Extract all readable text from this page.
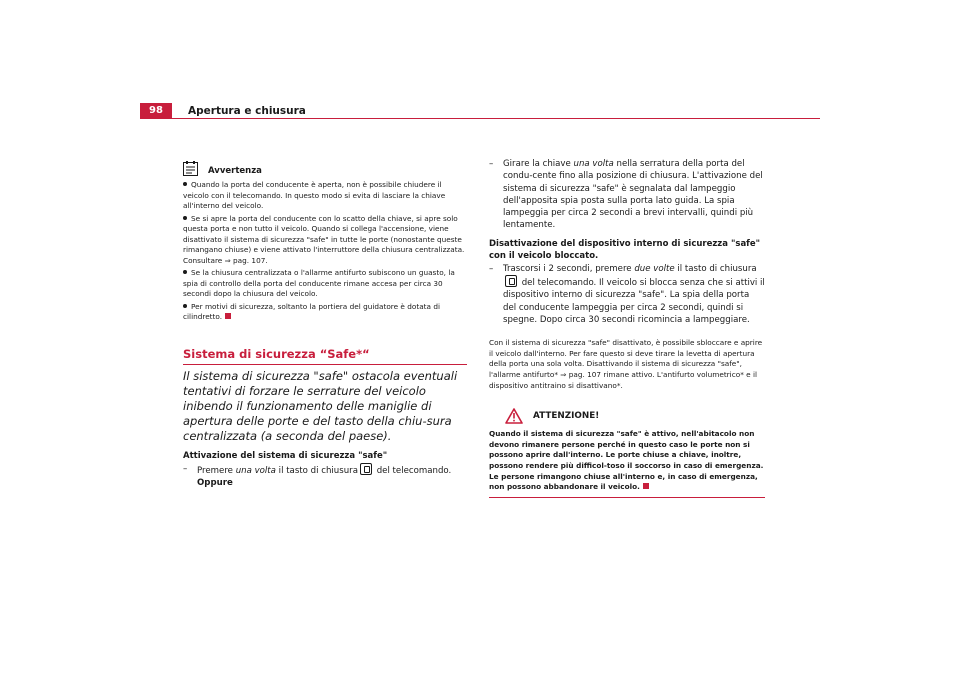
98	Apertura e chiusura
Avvertenza

Quando la porta del conducente è aperta, non è possibile chiudere il veicolo con il telecomando. In questo modo si evita di lasciare la chiave all'interno del veicolo.

Se si apre la porta del conducente con lo scatto della chiave, si apre solo questa porta e non tutto il veicolo. Quando si collega l'accensione, viene disattivato il sistema di sicurezza "safe" in tutte le porte (nonostante queste rimangano chiuse) e viene attivato l'interruttore della chiusura centralizzata. Consultare ⇒ pag. 107.

Se la chiusura centralizzata o l'allarme antifurto subiscono un guasto, la spia di controllo della porta del conducente rimane accesa per circa 30 secondi dopo la chiusura del veicolo.

Per motivi di sicurezza, soltanto la portiera del guidatore è dotata di cilindretto.

Sistema di sicurezza “Safe*“

Il sistema di sicurezza "safe" ostacola eventuali tentativi di forzare le serrature del veicolo inibendo il funzionamento delle maniglie di apertura delle porte e del tasto della chiu-sura centralizzata (a seconda del paese).

Attivazione del sistema di sicurezza "safe"
–	Premere una volta il tasto di chiusura del telecomando.
Oppure
–	Girare la chiave una volta nella serratura della porta del condu-cente fino alla posizione di chiusura. L'attivazione del sistema di sicurezza "safe" è segnalata dal lampeggio dell'apposita spia posta sulla porta lato guida. La spia lampeggia per circa 2 secondi a brevi intervalli, quindi più lentamente.
Disattivazione del dispositivo interno di sicurezza "safe" con il veicolo bloccato.
–	Trascorsi i 2 secondi, premere due volte il tasto di chiusura del telecomando. Il veicolo si blocca senza che si attivi il dispositivo interno di sicurezza "safe". La spia della porta del conducente lampeggia per circa 2 secondi, quindi si spegne. Dopo circa 30 secondi ricomincia a lampeggiare.

Con il sistema di sicurezza "safe" disattivato, è possibile sbloccare e aprire il veicolo dall'interno. Per fare questo si deve tirare la levetta di apertura della porta una sola volta. Disattivando il sistema di sicurezza "safe", l'allarme antifurto* ⇒ pag. 107 rimane attivo. L'antifurto volumetrico* e il dispositivo antitraino si disattivano*.

ATTENZIONE!

Quando il sistema di sicurezza "safe" è attivo, nell'abitacolo non devono rimanere persone perché in questo caso le porte non si possono aprire dall'interno. Le porte chiuse a chiave, inoltre, possono rendere più difficol-toso il soccorso in caso di emergenza. Le persone rimangono chiuse all'interno e, in caso di emergenza, non possono abbandonare il veicolo.
